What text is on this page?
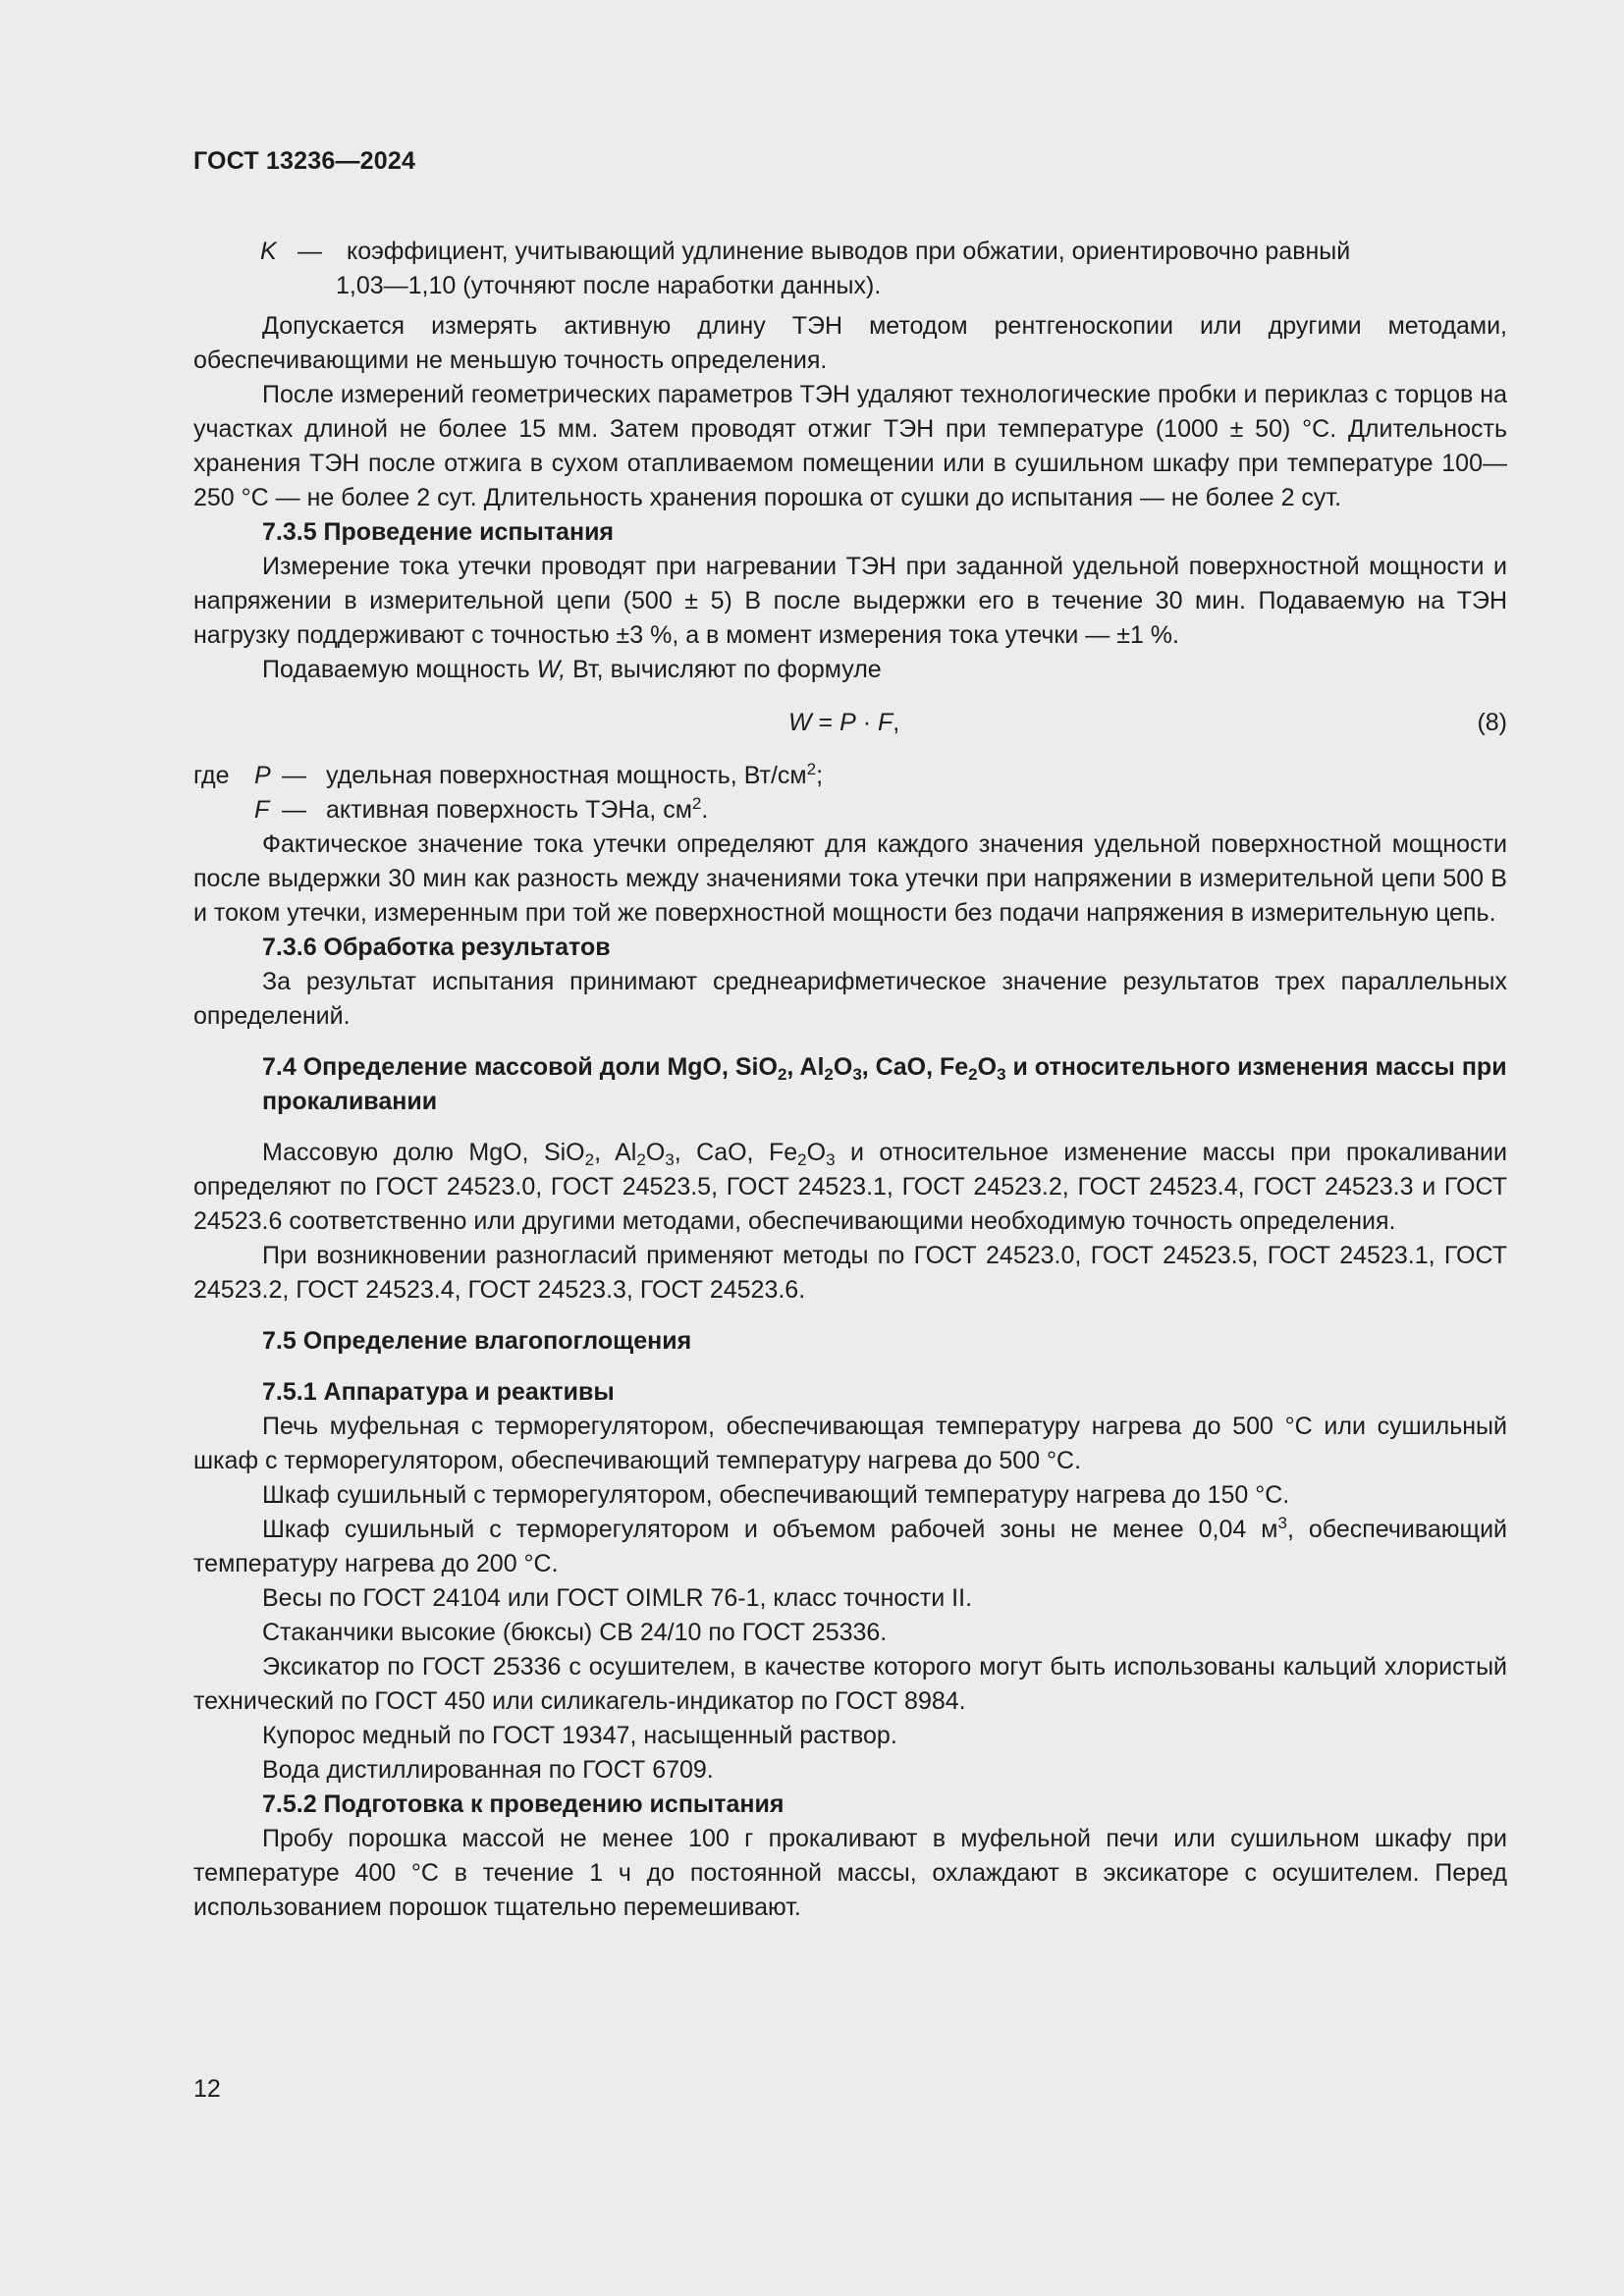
ГОСТ 13236—2024
K —	коэффициент, учитывающий удлинение выводов при обжатии, ориентировочно равный
1,03—1,10 (уточняют после наработки данных).

Допускается измерять активную длину ТЭН методом рентгеноскопии или другими методами, обеспечивающими не меньшую точность определения.

После измерений геометрических параметров ТЭН удаляют технологические пробки и периклаз с торцов на участках длиной не более 15 мм. Затем проводят отжиг ТЭН при температуре (1000 ± 50) °C. Длительность хранения ТЭН после отжига в сухом отапливаемом помещении или в сушильном шкафу при температуре 100—250 °C — не более 2 сут. Длительность хранения порошка от сушки до испытания — не более 2 сут.

7.3.5 Проведение испытания

Измерение тока утечки проводят при нагревании ТЭН при заданной удельной поверхностной мощности и напряжении в измерительной цепи (500 ± 5) В после выдержки его в течение 30 мин. Подаваемую на ТЭН нагрузку поддерживают с точностью ±3 %, а в момент измерения тока утечки — ±1 %.

Подаваемую мощность W, Вт, вычисляют по формуле

W = P · F,	(8)
где	P — удельная поверхностная мощность, $Вт/см^2$;
F — активная поверхность ТЭНа, $см^2$.

Фактическое значение тока утечки определяют для каждого значения удельной поверхностной мощности после выдержки 30 мин как разность между значениями тока утечки при напряжении в измерительной цепи 500 В и током утечки, измеренным при той же поверхностной мощности без подачи напряжения в измерительную цепь.

7.3.6 Обработка результатов

За результат испытания принимают среднеарифметическое значение результатов трех параллельных определений.

7.4 Определение массовой доли MgO, SiO$_2$, $Al_2O_3$, CaO, $Fe_2O_3$ и относительного изменения массы при прокаливании

Массовую долю MgO, SiO$_2$, $Al_2O_3$, CaO, $Fe_2O_3$ и относительное изменение массы при прокаливании определяют по ГОСТ 24523.0, ГОСТ 24523.5, ГОСТ 24523.1, ГОСТ 24523.2, ГОСТ 24523.4, ГОСТ 24523.3 и ГОСТ 24523.6 соответственно или другими методами, обеспечивающими необходимую точность определения.

При возникновении разногласий применяют методы по ГОСТ 24523.0, ГОСТ 24523.5, ГОСТ 24523.1, ГОСТ 24523.2, ГОСТ 24523.4, ГОСТ 24523.3, ГОСТ 24523.6.

7.5 Определение влагопоглощения

7.5.1 Аппаратура и реактивы

Печь муфельная с терморегулятором, обеспечивающая температуру нагрева до 500 °C или сушильный шкаф с терморегулятором, обеспечивающий температуру нагрева до 500 °C.

Шкаф сушильный с терморегулятором, обеспечивающий температуру нагрева до 150 °C.

Шкаф сушильный с терморегулятором и объемом рабочей зоны не менее 0,04 $м^3$, обеспечивающий температуру нагрева до 200 °C.

Весы по ГОСТ 24104 или ГОСТ OIMLR 76-1, класс точности II.

Стаканчики высокие (бюксы) СВ 24/10 по ГОСТ 25336.

Эксикатор по ГОСТ 25336 с осушителем, в качестве которого могут быть использованы кальций хлористый технический по ГОСТ 450 или силикагель-индикатор по ГОСТ 8984.

Купорос медный по ГОСТ 19347, насыщенный раствор.

Вода дистиллированная по ГОСТ 6709.

7.5.2 Подготовка к проведению испытания

Пробу порошка массой не менее 100 г прокаливают в муфельной печи или сушильном шкафу при температуре 400 °C в течение 1 ч до постоянной массы, охлаждают в эксикаторе с осушителем. Перед использованием порошок тщательно перемешивают.

12
